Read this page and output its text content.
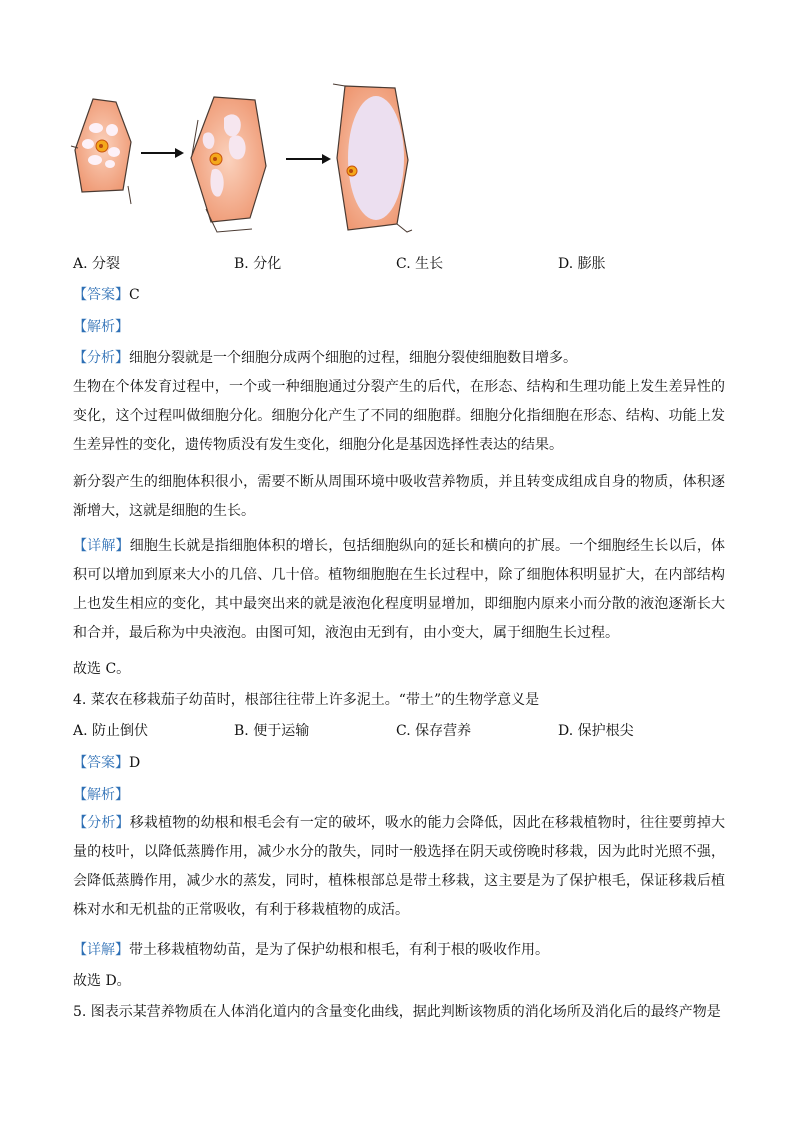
A. 分裂	B. 分化	C. 生长	D. 膨胀
【答案】C
【解析】
【分析】细胞分裂就是一个细胞分成两个细胞的过程，细胞分裂使细胞数目增多。
生物在个体发育过程中，一个或一种细胞通过分裂产生的后代，在形态、结构和生理功能上发生差异性的变化，这个过程叫做细胞分化。细胞分化产生了不同的细胞群。细胞分化指细胞在形态、结构、功能上发生差异性的变化，遗传物质没有发生变化，细胞分化是基因选择性表达的结果。
新分裂产生的细胞体积很小，需要不断从周围环境中吸收营养物质，并且转变成组成自身的物质，体积逐渐增大，这就是细胞的生长。
【详解】细胞生长就是指细胞体积的增长，包括细胞纵向的延长和横向的扩展。一个细胞经生长以后，体积可以增加到原来大小的几倍、几十倍。植物细胞胞在生长过程中，除了细胞体积明显扩大，在内部结构上也发生相应的变化，其中最突出来的就是液泡化程度明显增加，即细胞内原来小而分散的液泡逐渐长大和合并，最后称为中央液泡。由图可知，液泡由无到有，由小变大，属于细胞生长过程。
故选 C。
4. 菜农在移栽茄子幼苗时，根部往往带上许多泥土。“带土”的生物学意义是
A. 防止倒伏	B. 便于运输	C. 保存营养	D. 保护根尖
【答案】D
【解析】
【分析】移栽植物的幼根和根毛会有一定的破坏，吸水的能力会降低，因此在移栽植物时，往往要剪掉大量的枝叶，以降低蒸腾作用，减少水分的散失，同时一般选择在阴天或傍晚时移栽，因为此时光照不强，会降低蒸腾作用，减少水的蒸发，同时，植株根部总是带土移栽，这主要是为了保护根毛，保证移栽后植株对水和无机盐的正常吸收，有利于移栽植物的成活。
【详解】带土移栽植物幼苗，是为了保护幼根和根毛，有利于根的吸收作用。
故选 D。
5. 图表示某营养物质在人体消化道内的含量变化曲线，据此判断该物质的消化场所及消化后的最终产物是
